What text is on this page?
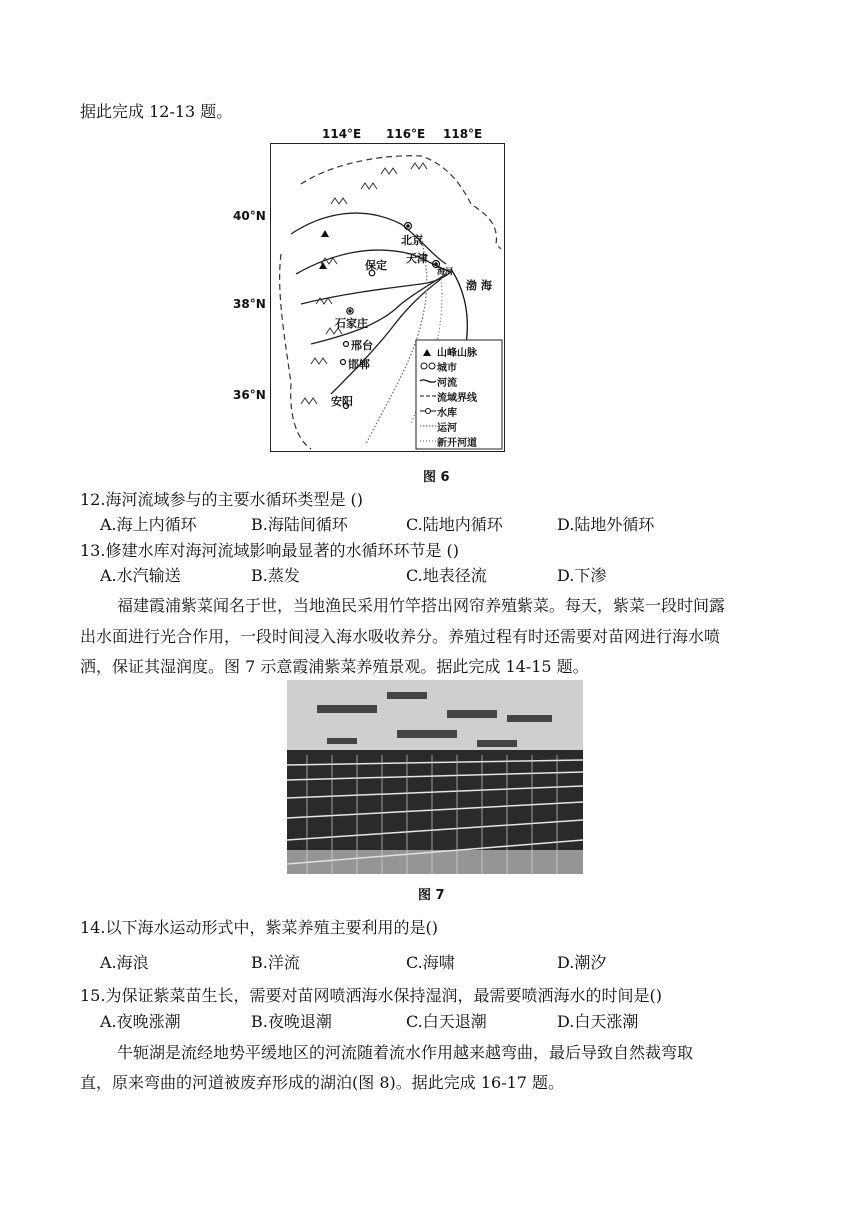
据此完成 12-13 题。
114°E 116°E 118°E
40°N
38°N
36°N
北京
天津
保定
石家庄
邢台
邯郸
安阳
渤 海
海河
山峰山脉
城市
河流
流域界线
水库
运河
新开河道
图 6
12.海河流域参与的主要水循环类型是 ()
A.海上内循环	B.海陆间循环	C.陆地内循环	D.陆地外循环
13.修建水库对海河流域影响最显著的水循环环节是 ()
A.水汽输送	B.蒸发	C.地表径流	D.下渗
福建霞浦紫菜闻名于世，当地渔民采用竹竿搭出网帘养殖紫菜。每天，紫菜一段时间露
出水面进行光合作用，一段时间浸入海水吸收养分。养殖过程有时还需要对苗网进行海水喷
洒，保证其湿润度。图 7 示意霞浦紫菜养殖景观。据此完成 14-15 题。
图 7
14.以下海水运动形式中，紫菜养殖主要利用的是()
A.海浪	B.洋流	C.海啸	D.潮汐
15.为保证紫菜苗生长，需要对苗网喷洒海水保持湿润，最需要喷洒海水的时间是()
A.夜晚涨潮	B.夜晚退潮	C.白天退潮	D.白天涨潮
牛轭湖是流经地势平缓地区的河流随着流水作用越来越弯曲，最后导致自然裁弯取
直，原来弯曲的河道被废弃形成的湖泊(图 8)。据此完成 16-17 题。
